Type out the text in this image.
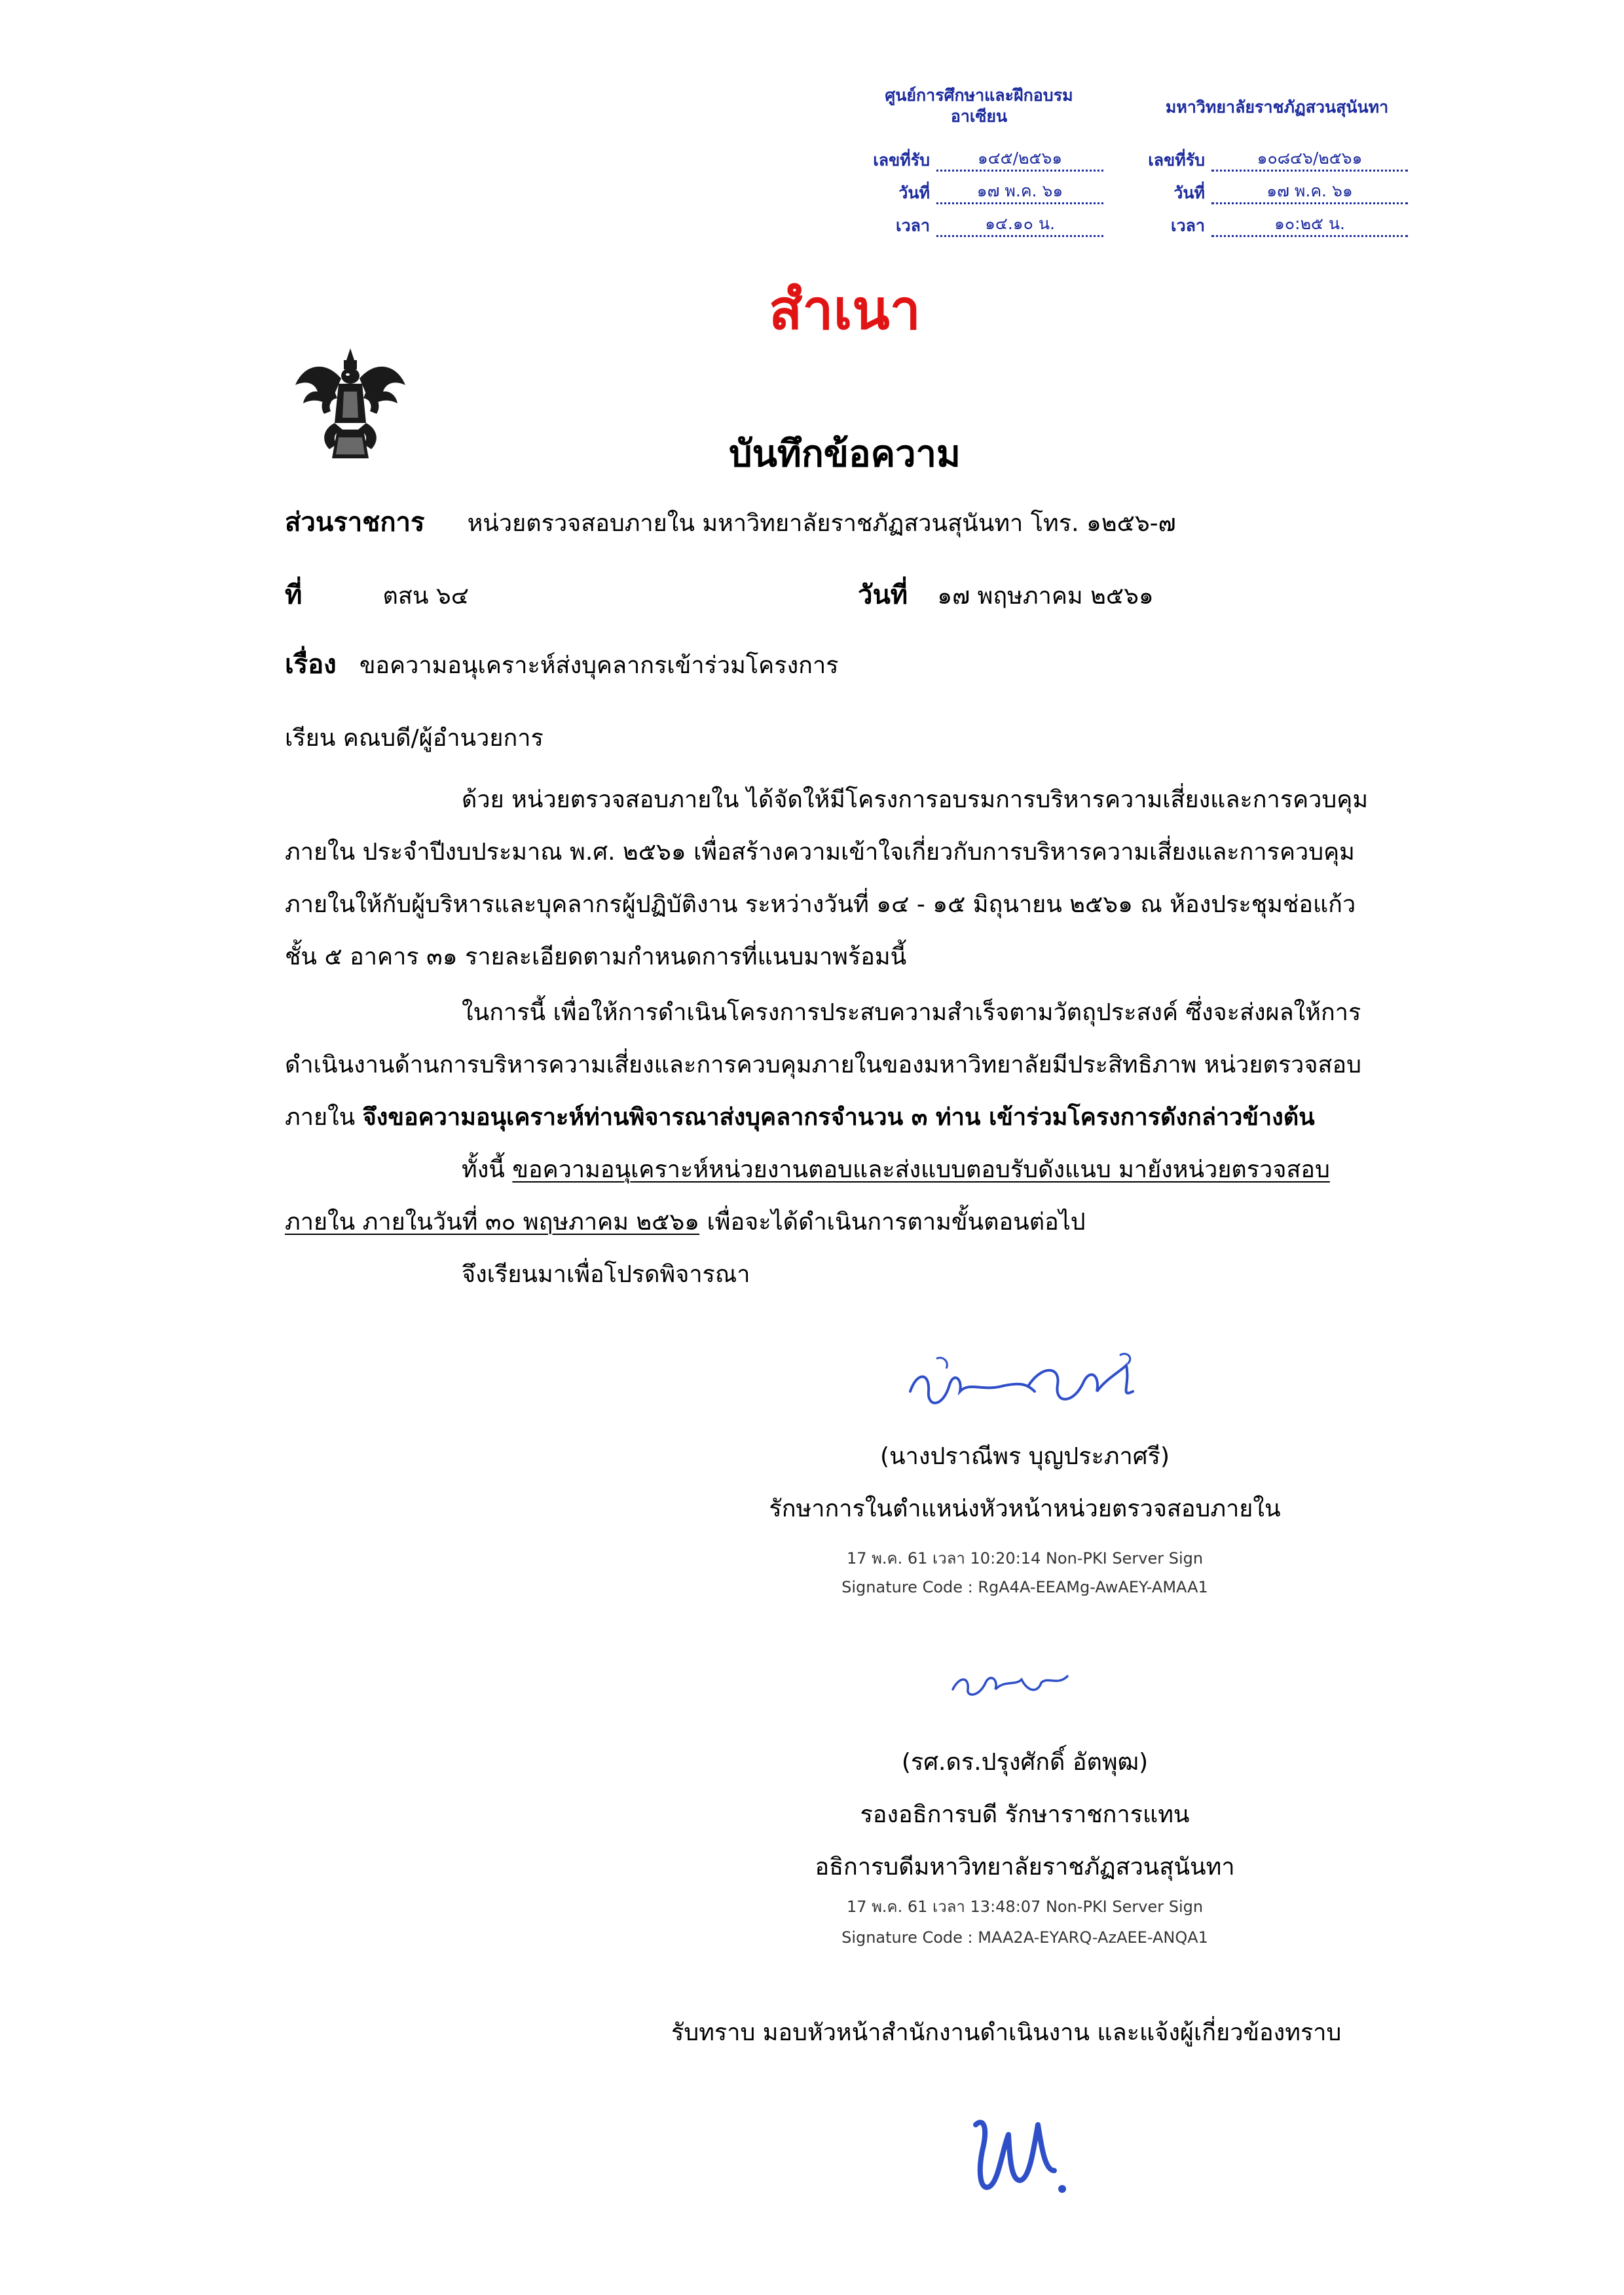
ศูนย์การศึกษาและฝึกอบรม
อาเซียน
เลขที่รับ	๑๔๕/๒๕๖๑
วันที่	๑๗ พ.ค. ๖๑
เวลา	๑๔.๑๐ น.
มหาวิทยาลัยราชภัฏสวนสุนันทา
เลขที่รับ	๑๐๘๔๖/๒๕๖๑
วันที่	๑๗ พ.ค. ๖๑
เวลา	๑๐:๒๕ น.
สำเนา
บันทึกข้อความ
ส่วนราชการ หน่วยตรวจสอบภายใน มหาวิทยาลัยราชภัฏสวนสุนันทา โทร. ๑๒๕๖-๗
ที่	ตสน ๖๔	วันที่ ๑๗ พฤษภาคม ๒๕๖๑
เรื่อง ขอความอนุเคราะห์ส่งบุคลากรเข้าร่วมโครงการ
เรียน คณบดี/ผู้อำนวยการ
ด้วย หน่วยตรวจสอบภายใน ได้จัดให้มีโครงการอบรมการบริหารความเสี่ยงและการควบคุม
ภายใน ประจำปีงบประมาณ พ.ศ. ๒๕๖๑ เพื่อสร้างความเข้าใจเกี่ยวกับการบริหารความเสี่ยงและการควบคุม
ภายในให้กับผู้บริหารและบุคลากรผู้ปฏิบัติงาน ระหว่างวันที่ ๑๔ - ๑๕ มิถุนายน ๒๕๖๑ ณ ห้องประชุมช่อแก้ว
ชั้น ๕ อาคาร ๓๑ รายละเอียดตามกำหนดการที่แนบมาพร้อมนี้
ในการนี้ เพื่อให้การดำเนินโครงการประสบความสำเร็จตามวัตถุประสงค์ ซึ่งจะส่งผลให้การ
ดำเนินงานด้านการบริหารความเสี่ยงและการควบคุมภายในของมหาวิทยาลัยมีประสิทธิภาพ หน่วยตรวจสอบ
ภายใน จึงขอความอนุเคราะห์ท่านพิจารณาส่งบุคลากรจำนวน ๓ ท่าน เข้าร่วมโครงการดังกล่าวข้างต้น
ทั้งนี้ ขอความอนุเคราะห์หน่วยงานตอบและส่งแบบตอบรับดังแนบ มายังหน่วยตรวจสอบ
ภายใน ภายในวันที่ ๓๐ พฤษภาคม ๒๕๖๑ เพื่อจะได้ดำเนินการตามขั้นตอนต่อไป
จึงเรียนมาเพื่อโปรดพิจารณา
(นางปราณีพร บุญประภาศรี)
รักษาการในตำแหน่งหัวหน้าหน่วยตรวจสอบภายใน
17 พ.ค. 61 เวลา 10:20:14 Non-PKI Server Sign
Signature Code : RgA4A-EEAMg-AwAEY-AMAA1
(รศ.ดร.ปรุงศักดิ์ อัตพุฒ)
รองอธิการบดี รักษาราชการแทน
อธิการบดีมหาวิทยาลัยราชภัฏสวนสุนันทา
17 พ.ค. 61 เวลา 13:48:07 Non-PKI Server Sign
Signature Code : MAA2A-EYARQ-AzAEE-ANQA1
รับทราบ มอบหัวหน้าสำนักงานดำเนินงาน และแจ้งผู้เกี่ยวข้องทราบ
